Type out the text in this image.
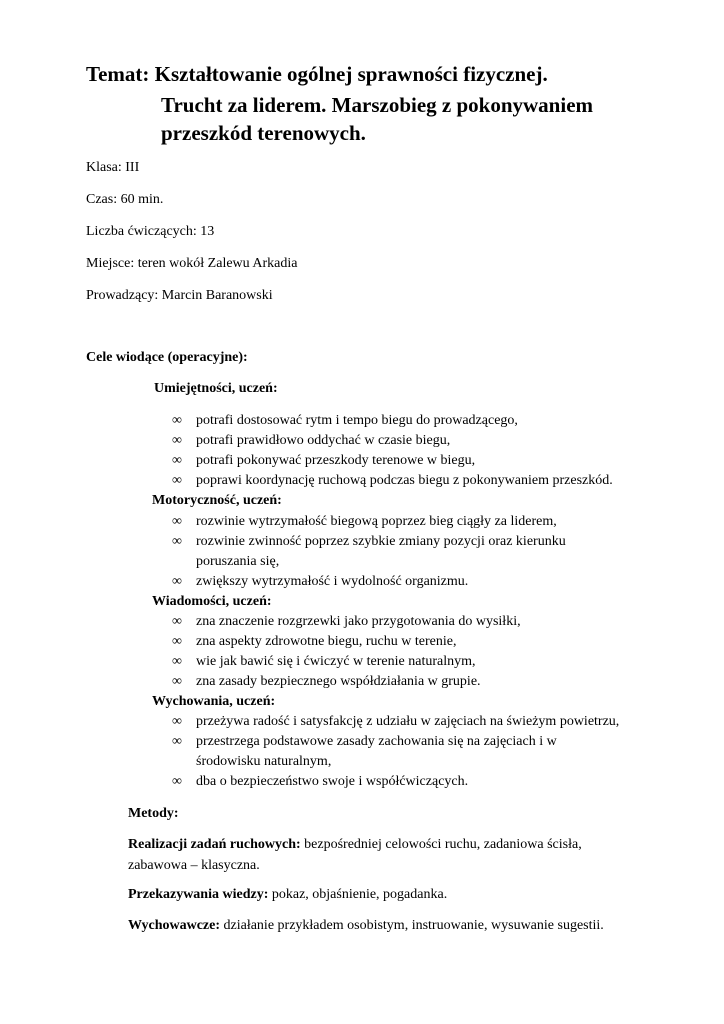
Temat: Kształtowanie ogólnej sprawności fizycznej.
Trucht za liderem. Marszobieg z pokonywaniem
przeszkód terenowych.
Klasa: III
Czas: 60 min.
Liczba ćwiczących: 13
Miejsce: teren wokół Zalewu Arkadia
Prowadzący: Marcin Baranowski
Cele wiodące (operacyjne):
Umiejętności, uczeń:
∞ potrafi dostosować rytm i tempo biegu do prowadzącego,
∞ potrafi prawidłowo oddychać w czasie biegu,
∞ potrafi pokonywać przeszkody terenowe w biegu,
∞ poprawi koordynację ruchową podczas biegu z pokonywaniem przeszkód.
Motoryczność, uczeń:
∞ rozwinie wytrzymałość biegową poprzez bieg ciągły za liderem,
∞ rozwinie zwinność poprzez szybkie zmiany pozycji oraz kierunku poruszania się,
∞ zwiększy wytrzymałość i wydolność organizmu.
Wiadomości, uczeń:
∞ zna znaczenie rozgrzewki jako przygotowania do wysiłki,
∞ zna aspekty zdrowotne biegu, ruchu w terenie,
∞ wie jak bawić się i ćwiczyć w terenie naturalnym,
∞ zna zasady bezpiecznego współdziałania w grupie.
Wychowania, uczeń:
∞ przeżywa radość i satysfakcję z udziału w zajęciach na świeżym powietrzu,
∞ przestrzega podstawowe zasady zachowania się na zajęciach i w środowisku naturalnym,
∞ dba o bezpieczeństwo swoje i współćwiczących.
Metody:
Realizacji zadań ruchowych: bezpośredniej celowości ruchu, zadaniowa ścisła, zabawowa – klasyczna.
Przekazywania wiedzy: pokaz, objaśnienie, pogadanka.
Wychowawcze: działanie przykładem osobistym, instruowanie, wysuwanie sugestii.
